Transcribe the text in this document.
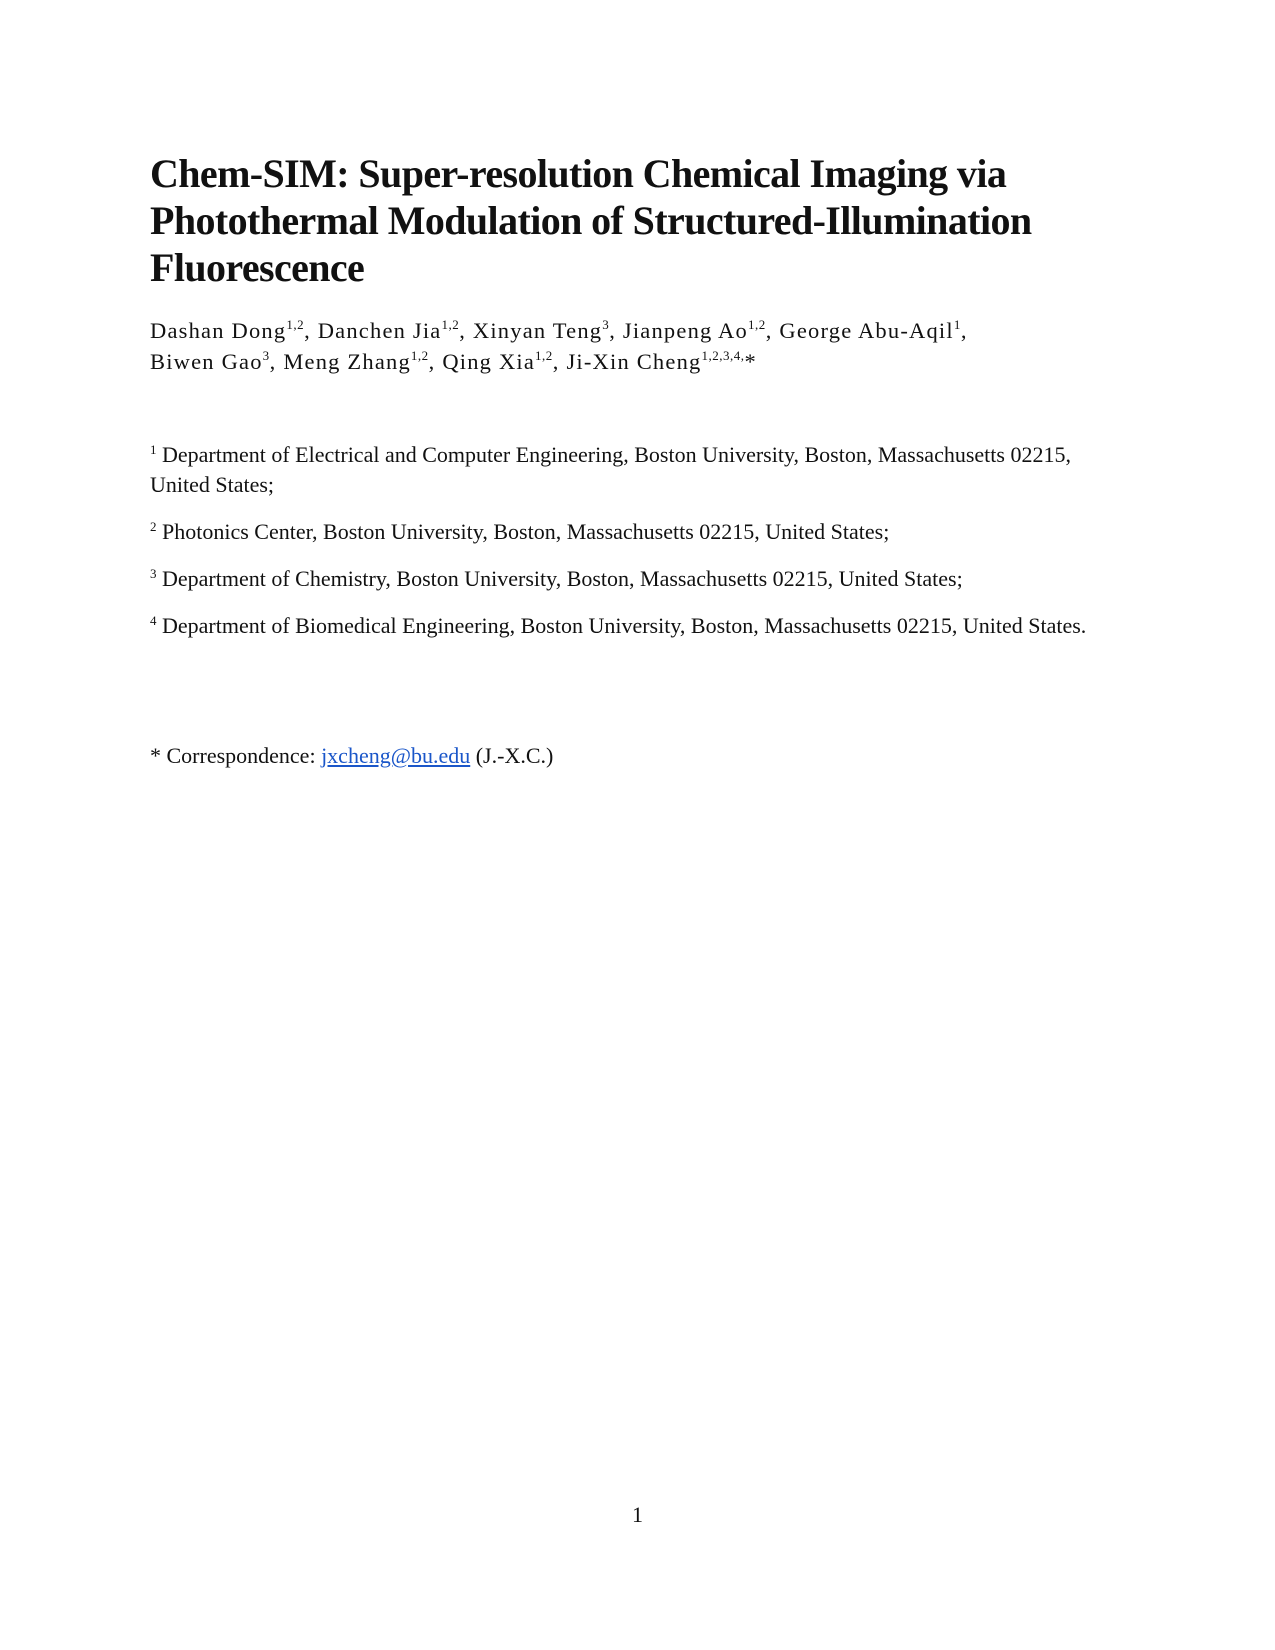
Chem-SIM: Super-resolution Chemical Imaging via
Photothermal Modulation of Structured-Illumination
Fluorescence
Dashan Dong$^{1,2}$, Danchen Jia$^{1,2}$, Xinyan Teng$^3$, Jianpeng Ao$^{1,2}$, George Abu-Aqil$^1$,
Biwen Gao$^3$, Meng Zhang$^{1,2}$, Qing Xia$^{1,2}$, Ji-Xin Cheng$^{1,2,3,4,}$*

$^1$ Department of Electrical and Computer Engineering, Boston University, Boston, Massachusetts 02215, United States;

$^2$ Photonics Center, Boston University, Boston, Massachusetts 02215, United States;

$^3$ Department of Chemistry, Boston University, Boston, Massachusetts 02215, United States;

$^4$ Department of Biomedical Engineering, Boston University, Boston, Massachusetts 02215, United States.

* Correspondence: jxcheng@bu.edu (J.-X.C.)
1
